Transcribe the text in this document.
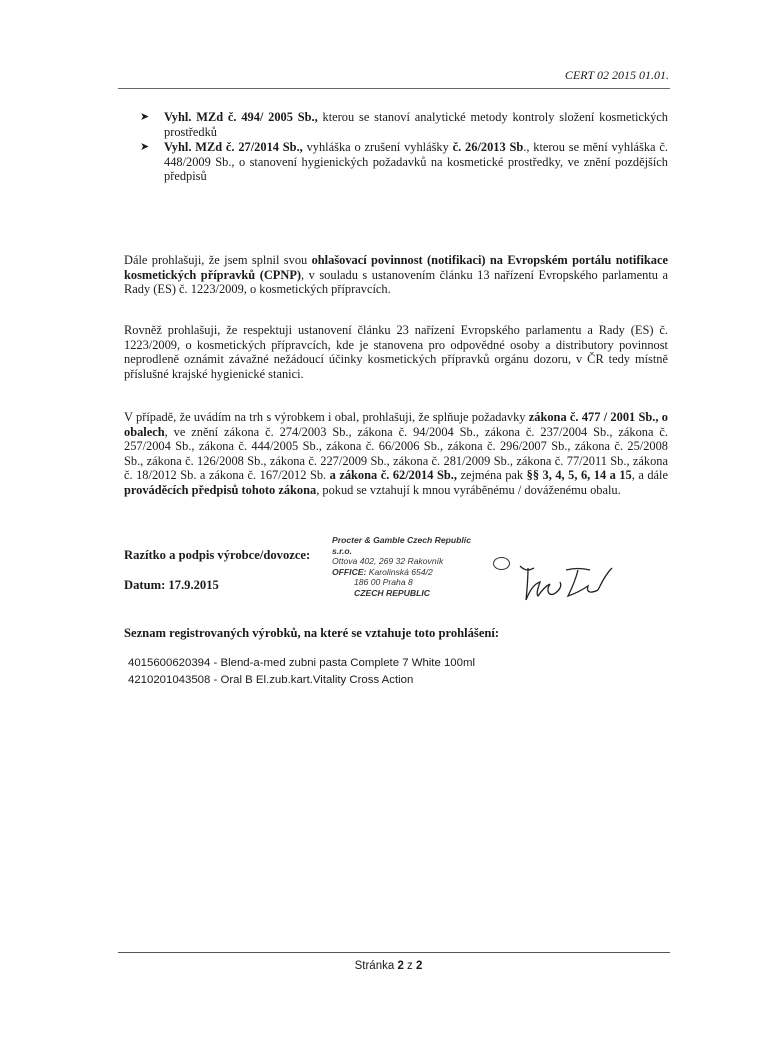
CERT 02 2015 01.01.
➤ Vyhl. MZd č. 494/ 2005 Sb., kterou se stanoví analytické metody kontroly složení kosmetických prostředků
➤ Vyhl. MZd č. 27/2014 Sb., vyhláška o zrušení vyhlášky č. 26/2013 Sb., kterou se mění vyhláška č. 448/2009 Sb., o stanovení hygienických požadavků na kosmetické prostředky, ve znění pozdějších předpisů
Dále prohlašuji, že jsem splnil svou ohlašovací povinnost (notifikaci) na Evropském portálu notifikace kosmetických přípravků (CPNP), v souladu s ustanovením článku 13 nařízení Evropského parlamentu a Rady (ES) č. 1223/2009, o kosmetických přípravcích.
Rovněž prohlašuji, že respektuji ustanovení článku 23 nařízení Evropského parlamentu a Rady (ES) č. 1223/2009, o kosmetických přípravcích, kde je stanovena pro odpovědné osoby a distributory povinnost neprodleně oznámit závažné nežádoucí účinky kosmetických přípravků orgánu dozoru, v ČR tedy místně příslušné krajské hygienické stanici.
V případě, že uvádím na trh s výrobkem i obal, prohlašuji, že splňuje požadavky zákona č. 477 / 2001 Sb., o obalech, ve znění zákona č. 274/2003 Sb., zákona č. 94/2004 Sb., zákona č. 237/2004 Sb., zákona č. 257/2004 Sb., zákona č. 444/2005 Sb., zákona č. 66/2006 Sb., zákona č. 296/2007 Sb., zákona č. 25/2008 Sb., zákona č. 126/2008 Sb., zákona č. 227/2009 Sb., zákona č. 281/2009 Sb., zákona č. 77/2011 Sb., zákona č. 18/2012 Sb. a zákona č. 167/2012 Sb. a zákona č. 62/2014 Sb., zejména pak §§ 3, 4, 5, 6, 14 a 15, a dále prováděcích předpisů tohoto zákona, pokud se vztahují k mnou vyráběnému / dováženému obalu.
Razítko a podpis výrobce/dovozce:
Procter & Gamble Czech Republic s.r.o.
Ottova 402, 269 32 Rakovník
OFFICE: Karolinská 654/2
186 00 Praha 8
CZECH REPUBLIC
Datum: 17.9.2015
Seznam registrovaných výrobků, na které se vztahuje toto prohlášení:
4015600620394 - Blend-a-med zubni pasta Complete 7 White 100ml
4210201043508 - Oral B El.zub.kart.Vitality Cross Action
Stránka 2 z 2
